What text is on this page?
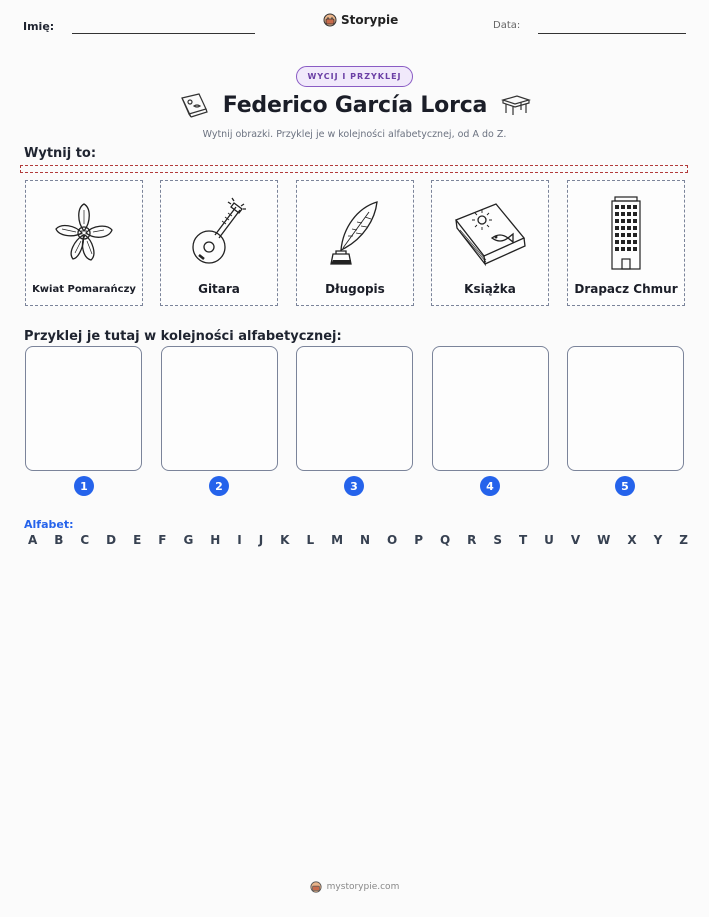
Imię:	Storypie	Data:
WYCIJ I PRZYKLEJ
Federico García Lorca
Wytnij obrazki. Przyklej je w kolejności alfabetycznej, od A do Z.
Wytnij to:
Kwiat Pomarańczy	Gitara	Długopis	Książka	Drapacz Chmur
Przyklej je tutaj w kolejności alfabetycznej:
1	2	3	4	5
Alfabet:
A B C D E F G H I J K L M N O P Q R S T U V W X Y Z
mystorypie.com
